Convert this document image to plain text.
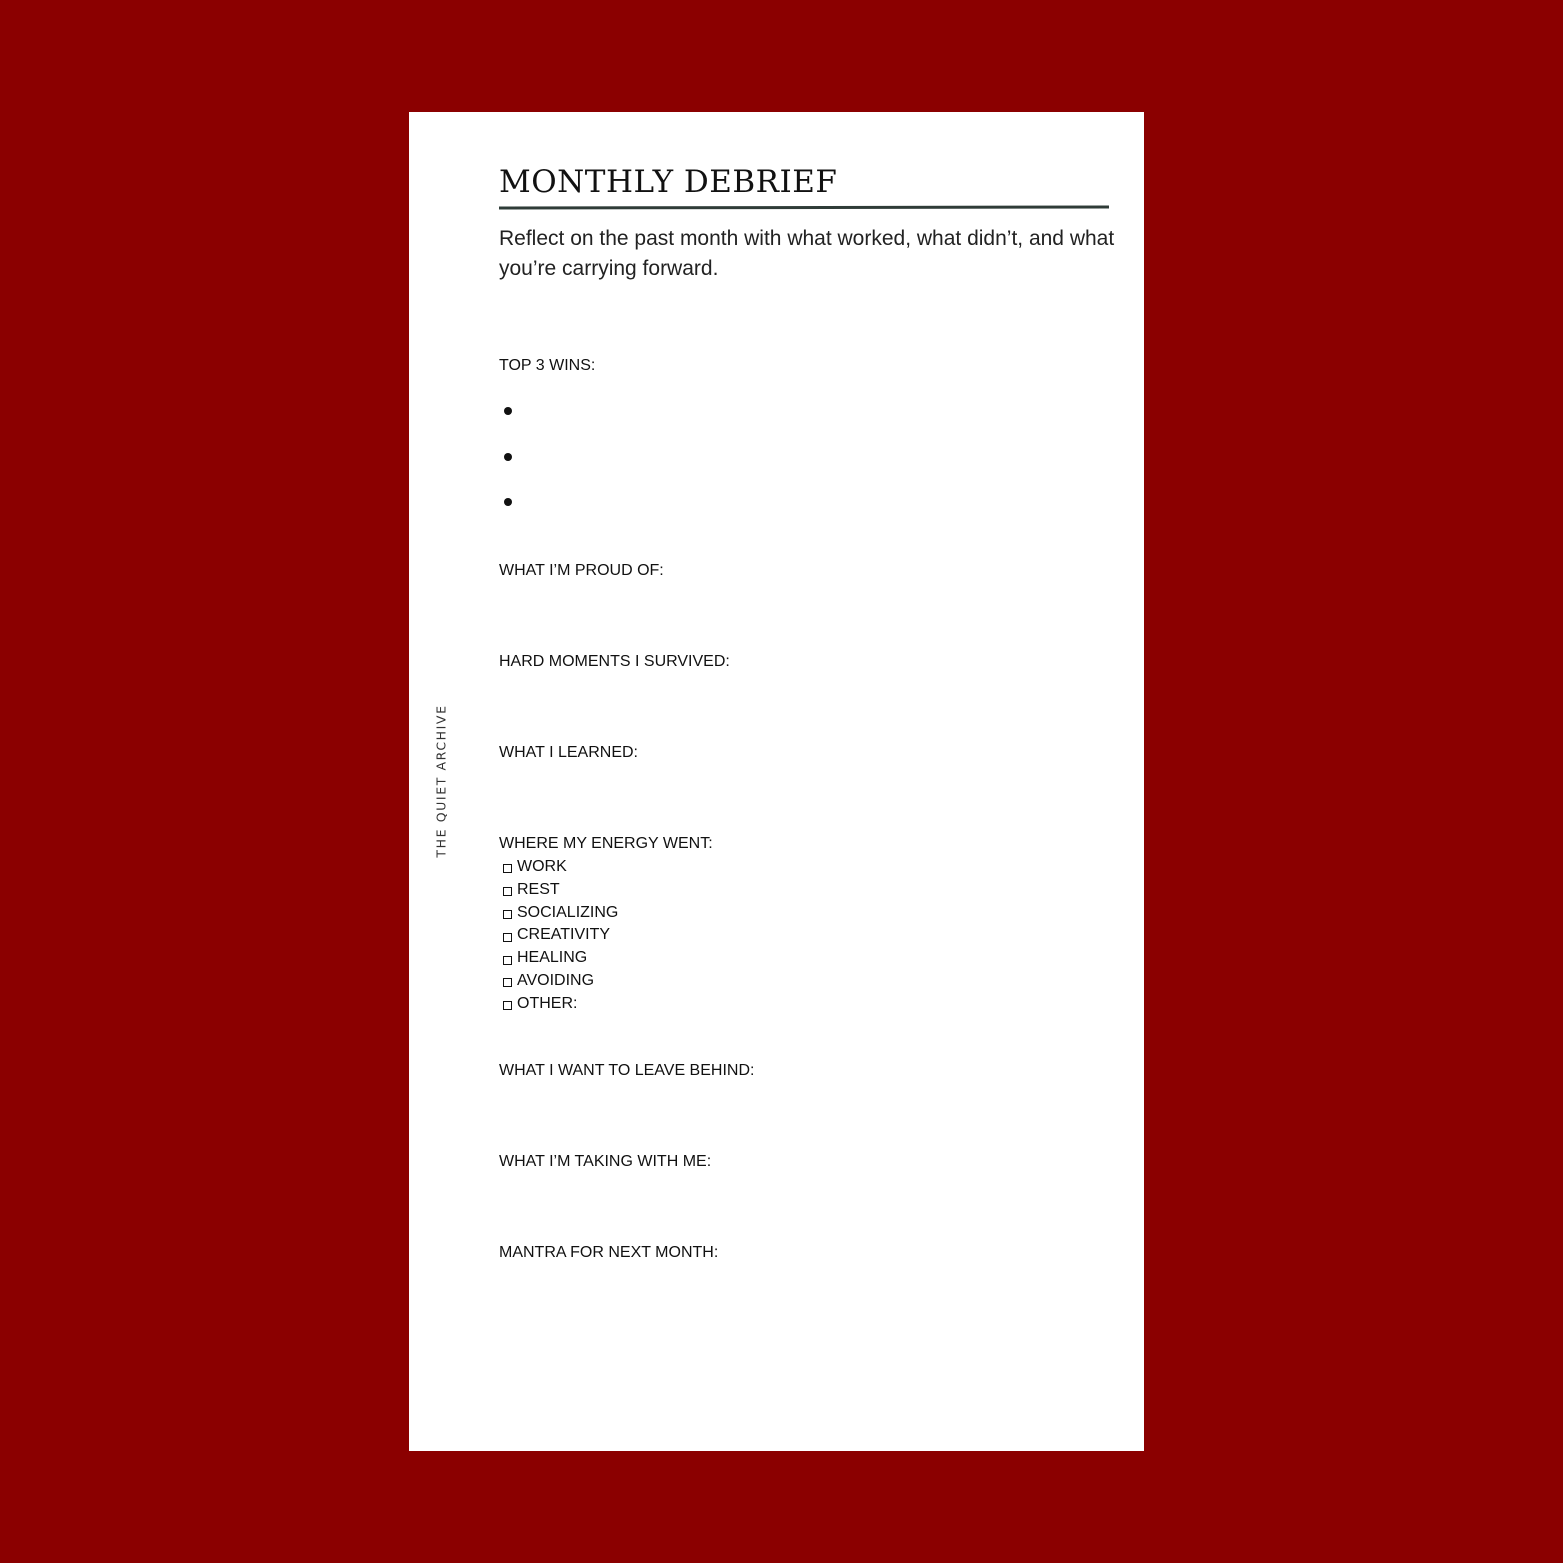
THE QUIET ARCHIVE
MONTHLY DEBRIEF

Reflect on the past month with what worked, what didn’t, and what you’re carrying forward.

TOP 3 WINS:
WHAT I’M PROUD OF:
HARD MOMENTS I SURVIVED:
WHAT I LEARNED:
WHERE MY ENERGY WENT:
WORK
REST
SOCIALIZING
CREATIVITY
HEALING
AVOIDING
OTHER:
WHAT I WANT TO LEAVE BEHIND:
WHAT I’M TAKING WITH ME:
MANTRA FOR NEXT MONTH:
